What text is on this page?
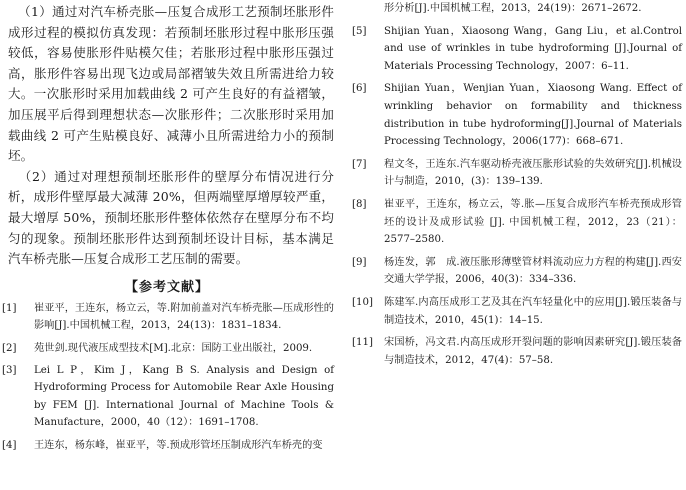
（1）通过对汽车桥壳胀—压复合成形工艺预制坯胀形件成形过程的模拟仿真发现：若预制坯胀形过程中胀形压强较低，容易使胀形件贴模欠佳；若胀形过程中胀形压强过高，胀形件容易出现飞边或局部褶皱失效且所需进给力较大。一次胀形时采用加载曲线 2 可产生良好的有益褶皱，加压展平后得到理想状态—次胀形件；二次胀形时采用加载曲线 2 可产生贴模良好、减薄小且所需进给力小的预制坯。

（2）通过对理想预制坯胀形件的壁厚分布情况进行分析，成形件壁厚最大减薄 20%，但两端壁厚增厚较严重，最大增厚 50%，预制坯胀形件整体依然存在壁厚分布不均匀的现象。预制坯胀形件达到预制坯设计目标，基本满足汽车桥壳胀—压复合成形工艺压制的需要。

【参考文献】
[1]	崔亚平，王连东，杨立云，等.附加前盖对汽车桥壳胀—压成形性的影响[J].中国机械工程，2013，24(13)：1831–1834.
[2]	苑世剑.现代液压成型技术[M].北京：国防工业出版社，2009.
[3]	Lei L P，Kim J，Kang B S. Analysis and Design of Hydroforming Process for Automobile Rear Axle Housing by FEM [J]. International Journal of Machine Tools & Manufacture，2000，40（12）：1691–1708.
[4]	王连东，杨东峰，崔亚平，等.预成形管坯压制成形汽车桥壳的变
形分析[J].中国机械工程，2013，24(19)：2671–2672.
[5]	Shijian Yuan，Xiaosong Wang，Gang Liu，et al.Control and use of wrinkles in tube hydroforming [J].Journal of Materials Processing Technology，2007：6–11.
[6]	Shijian Yuan，Wenjian Yuan，Xiaosong Wang. Effect of wrinkling behavior on formability and thickness distribution in tube hydroforming[J].Journal of Materials Processing Technology，2006(177)：668–671.
[7]	程文冬，王连东.汽车驱动桥壳液压胀形试验的失效研究[J].机械设计与制造，2010，(3)：139–139.
[8]	崔亚平，王连东，杨立云，等.胀—压复合成形汽车桥壳预成形管坯的设计及成形试验 [J]. 中国机械工程，2012，23（21）：2577–2580.
[9]	杨连发，郭　成.液压胀形薄壁管材料流动应力方程的构建[J].西安交通大学学报，2006，40(3)：334–336.
[10]	陈建军.内高压成形工艺及其在汽车轻量化中的应用[J].锻压装备与制造技术，2010，45(1)：14–15.
[11]	宋国桥，冯文君.内高压成形开裂问题的影响因素研究[J].锻压装备与制造技术，2012，47(4)：57–58.
